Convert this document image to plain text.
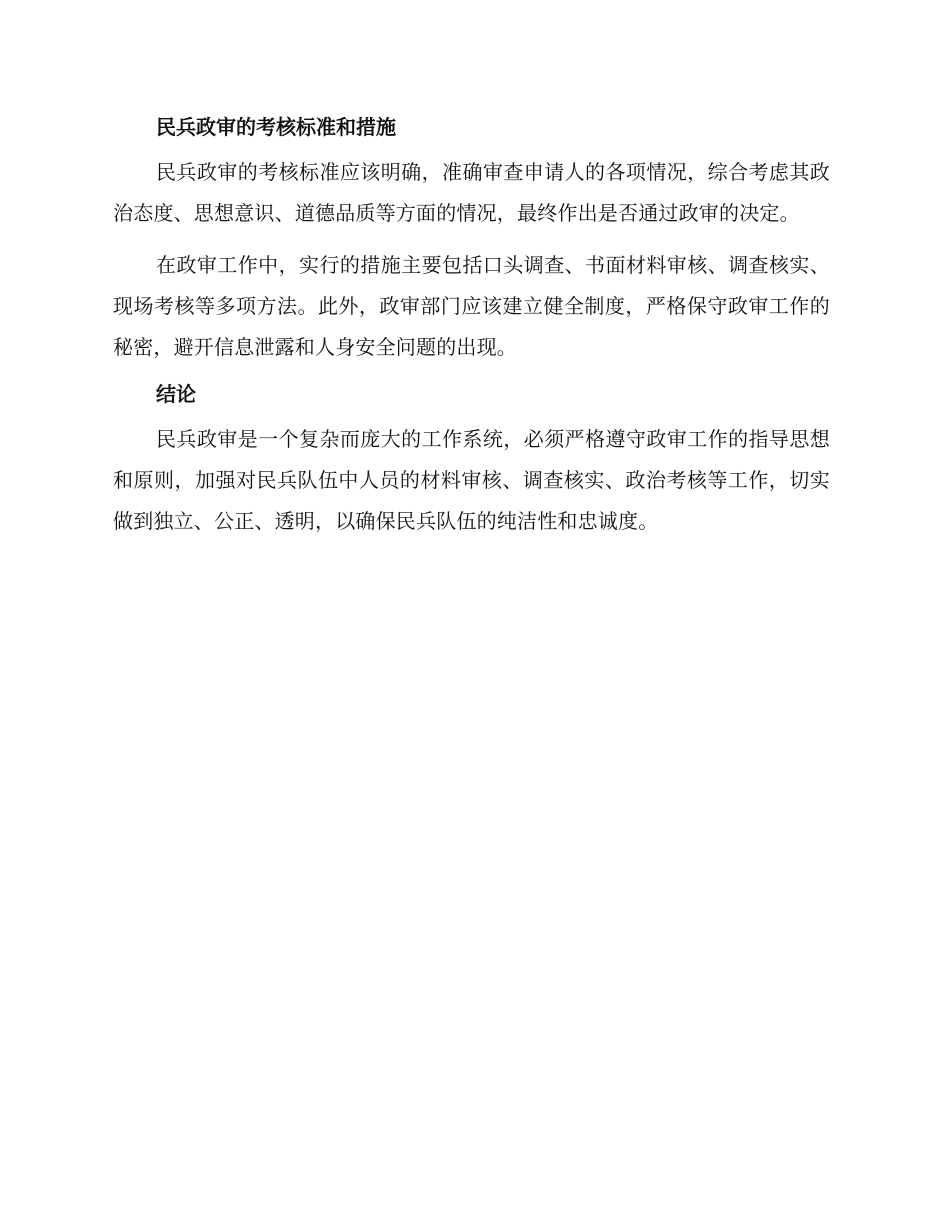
民兵政审的考核标准和措施

民兵政审的考核标准应该明确，准确审查申请人的各项情况，综合考虑其政治态度、思想意识、道德品质等方面的情况，最终作出是否通过政审的决定。

在政审工作中，实行的措施主要包括口头调查、书面材料审核、调查核实、现场考核等多项方法。此外，政审部门应该建立健全制度，严格保守政审工作的秘密，避开信息泄露和人身安全问题的出现。

结论

民兵政审是一个复杂而庞大的工作系统，必须严格遵守政审工作的指导思想和原则，加强对民兵队伍中人员的材料审核、调查核实、政治考核等工作，切实做到独立、公正、透明，以确保民兵队伍的纯洁性和忠诚度。
